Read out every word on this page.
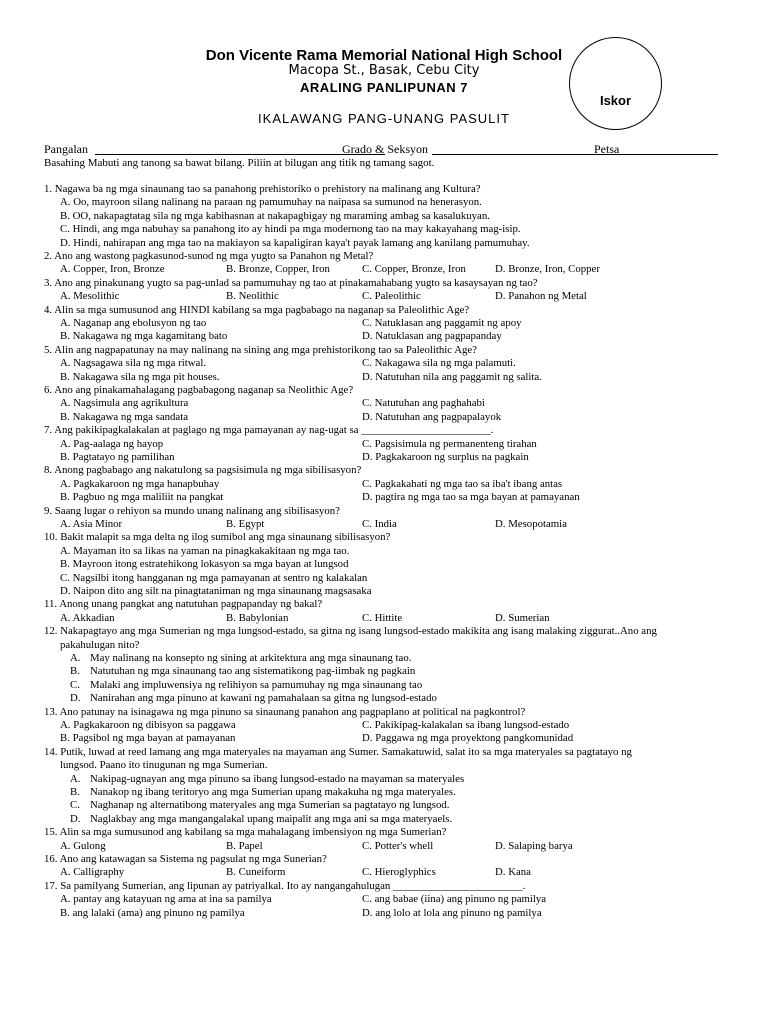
Don Vicente Rama Memorial National High School
Macopa St., Basak, Cebu City
ARALING PANLIPUNAN 7
IKALAWANG PANG-UNANG PASULIT
Iskor
Pangalan	Grado & Seksyon	Petsa
Basahing Mabuti ang tanong sa bawat bilang. Piliin at bilugan ang titik ng tamang sagot.
1. Nagawa ba ng mga sinaunang tao sa panahong prehistoriko o prehistory na malinang ang Kultura?
A. Oo, mayroon silang nalinang na paraan ng pamumuhay na naipasa sa sumunod na henerasyon.
B. OO, nakapagtatag sila ng mga kabihasnan at nakapagbigay ng maraming ambag sa kasalukuyan.
C. Hindi, ang mga nabuhay sa panahong ito ay hindi pa mga modernong tao na may kakayahang mag-isip.
D. Hindi, nahirapan ang mga tao na makiayon sa kapaligiran kaya't payak lamang ang kanilang pamumuhay.
2. Ano ang wastong pagkasunod-sunod ng mga yugto sa Panahon ng Metal?
A. Copper, Iron, Bronze	B. Bronze, Copper, Iron	C. Copper, Bronze, Iron	D. Bronze, Iron, Copper
3. Ano ang pinakunang yugto sa pag-unlad sa pamumuhay ng tao at pinakamahabang yugto sa kasaysayan ng tao?
A. Mesolithic	B. Neolithic	C. Paleolithic	D. Panahon ng Metal
4. Alin sa mga sumusunod ang HINDI kabilang sa mga pagbabago na naganap sa Paleolithic Age?
A. Naganap ang ebolusyon ng tao	C. Natuklasan ang paggamit ng apoy
B. Nakagawa ng mga kagamitang bato	D. Natuklasan ang pagpapanday
5. Alin ang nagpapatunay na may nalinang na sining ang mga prehistorikong tao sa Paleolithic Age?
A. Nagsagawa sila ng mga ritwal.	C. Nakagawa sila ng mga palamuti.
B. Nakagawa sila ng mga pit houses.	D. Natutuhan nila ang paggamit ng salita.
6. Ano ang pinakamahalagang pagbabagong naganap sa Neolithic Age?
A. Nagsimula ang agrikultura	C. Natutuhan ang paghahabi
B. Nakagawa ng mga sandata	D. Natutuhan ang pagpapalayok
7. Ang pakikipagkalakalan at paglago ng mga pamayanan ay nag-ugat sa ________________________.
A. Pag-aalaga ng hayop	C. Pagsisimula ng permanenteng tirahan
B. Pagtatayo ng pamilihan	D. Pagkakaroon ng surplus na pagkain
8. Anong pagbabago ang nakatulong sa pagsisimula ng mga sibilisasyon?
A. Pagkakaroon ng mga hanapbuhay	C. Pagkakahati ng mga tao sa iba't ibang antas
B. Pagbuo ng mga maliliit na pangkat	D. pagtira ng mga tao sa mga bayan at pamayanan
9. Saang lugar o rehiyon sa mundo unang nalinang ang sibilisasyon?
A. Asia Minor	B. Egypt	C. India	D. Mesopotamia
10. Bakit malapit sa mga delta ng ilog sumibol ang mga sinaunang sibilisasyon?
A. Mayaman ito sa likas na yaman na pinagkakakitaan ng mga tao.
B. Mayroon itong estratehikong lokasyon sa mga bayan at lungsod
C. Nagsilbi itong hangganan ng mga pamayanan at sentro ng kalakalan
D. Naipon dito ang silt na pinagtataniman ng mga sinaunang magsasaka
11. Anong unang pangkat ang natutuhan pagpapanday ng bakal?
A. Akkadian	B. Babylonian	C. Hittite	D. Sumerian
12. Nakapagtayo ang mga Sumerian ng mga lungsod-estado, sa gitna ng isang lungsod-estado makikita ang isang malaking ziggurat..Ano ang
pakahulugan nito?
A. May nalinang na konsepto ng sining at arkitektura ang mga sinaunang tao.
B. Natutuhan ng mga sinaunang tao ang sistematikong pag-iimbak ng pagkain
C. Malaki ang impluwensiya ng relihiyon sa pamumuhay ng mga sinaunang tao
D. Nanirahan ang mga pinuno at kawani ng pamahalaan sa gitna ng lungsod-estado
13. Ano patunay na isinagawa ng mga pinuno sa sinaunang panahon ang pagpaplano at political na pagkontrol?
A. Pagkakaroon ng dibisyon sa paggawa	C. Pakikipag-kalakalan sa ibang lungsod-estado
B. Pagsibol ng mga bayan at pamayanan	D. Paggawa ng mga proyektong pangkomunidad
14. Putik, luwad at reed lamang ang mga materyales na mayaman ang Sumer. Samakatuwid, salat ito sa mga materyales sa pagtatayo ng
lungsod. Paano ito tinugunan ng mga Sumerian.
A. Nakipag-ugnayan ang mga pinuno sa ibang lungsod-estado na mayaman sa materyales
B. Nanakop ng ibang teritoryo ang mga Sumerian upang makakuha ng mga materyales.
C. Naghanap ng alternatibong materyales ang mga Sumerian sa pagtatayo ng lungsod.
D. Naglakbay ang mga mangangalakal upang maipalit ang mga ani sa mga materyaels.
15. Alin sa mga sumusunod ang kabilang sa mga mahalagang imbensiyon ng mga Sumerian?
A. Gulong	B. Papel	C. Potter's whell	D. Salaping barya
16. Ano ang katawagan sa Sistema ng pagsulat ng mga Sunerian?
A. Calligraphy	B. Cuneiform	C. Hieroglyphics	D. Kana
17. Sa pamilyang Sumerian, ang lipunan ay patriyalkal. Ito ay nangangahulugan ________________________.
A. pantay ang katayuan ng ama at ina sa pamilya	C. ang babae (iina) ang pinuno ng pamilya
B. ang lalaki (ama) ang pinuno ng pamilya	D. ang lolo at lola ang pinuno ng pamilya
